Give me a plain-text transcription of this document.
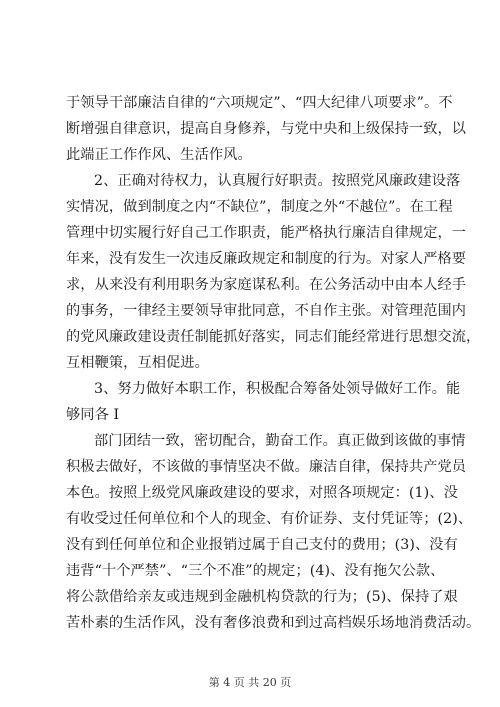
于领导干部廉洁自律的“六项规定”、“四大纪律八项要求”。不
断增强自律意识，提高自身修养，与党中央和上级保持一致，以
此端正工作作风、生活作风。
2、正确对待权力，认真履行好职责。按照党风廉政建设落
实情况，做到制度之内“不缺位”，制度之外“不越位”。在工程
管理中切实履行好自己工作职责，能严格执行廉洁自律规定，一
年来，没有发生一次违反廉政规定和制度的行为。对家人严格要
求，从来没有利用职务为家庭谋私利。在公务活动中由本人经手
的事务，一律经主要领导审批同意，不自作主张。对管理范围内
的党风廉政建设责任制能抓好落实，同志们能经常进行思想交流，
互相鞭策，互相促进。
3、努力做好本职工作，积极配合筹备处领导做好工作。能
够同各 I
部门团结一致，密切配合，勤奋工作。真正做到该做的事情
积极去做好，不该做的事情坚决不做。廉洁自律，保持共产党员
本色。按照上级党风廉政建设的要求，对照各项规定：(1)、没
有收受过任何单位和个人的现金、有价证券、支付凭证等；(2)、
没有到任何单位和企业报销过属于自己支付的费用；(3)、没有
违背“十个严禁”、“三个不准”的规定；(4)、没有拖欠公款、
将公款借给亲友或违规到金融机构贷款的行为；(5)、保持了艰
苦朴素的生活作风，没有奢侈浪费和到过高档娱乐场地消费活动。
第 4 页 共 20 页
